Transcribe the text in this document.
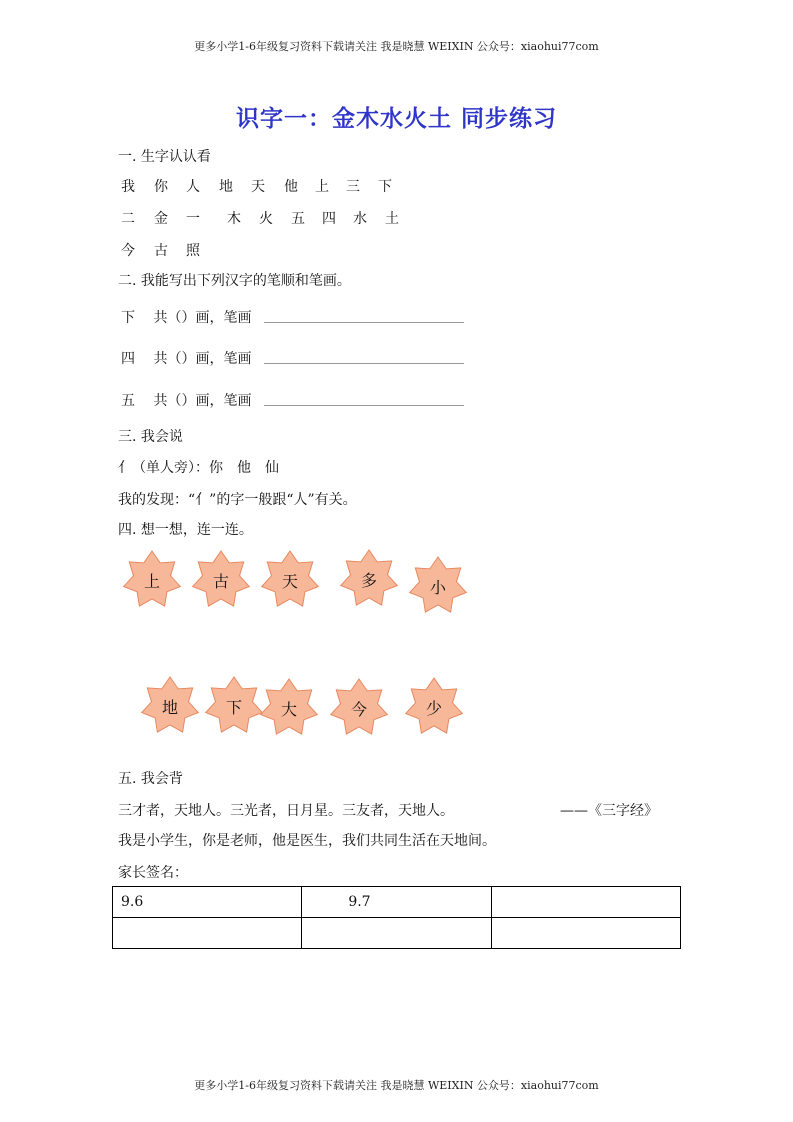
更多小学1-6年级复习资料下载请关注 我是晓慧 WEIXIN 公众号：xiaohui77com
识字一：金木水火土 同步练习
一. 生字认认看
我 你 人 地 天 他 上 三 下
二 金 一 木 火 五 四 水 土
今 古 照
二. 我能写出下列汉字的笔顺和笔画。
下 共（）画，笔画
四 共（）画，笔画
五 共（）画，笔画
三. 我会说
亻（单人旁）：你　他　仙
我的发现：“亻”的字一般跟“人”有关。
四. 想一想，连一连。
上	古	天	多	小
地	下	大	今	少
五. 我会背
三才者，天地人。三光者，日月星。三友者，天地人。	——《三字经》
我是小学生，你是老师，他是医生，我们共同生活在天地间。
家长签名：
9.6	9.7	

更多小学1-6年级复习资料下载请关注 我是晓慧 WEIXIN 公众号：xiaohui77com
